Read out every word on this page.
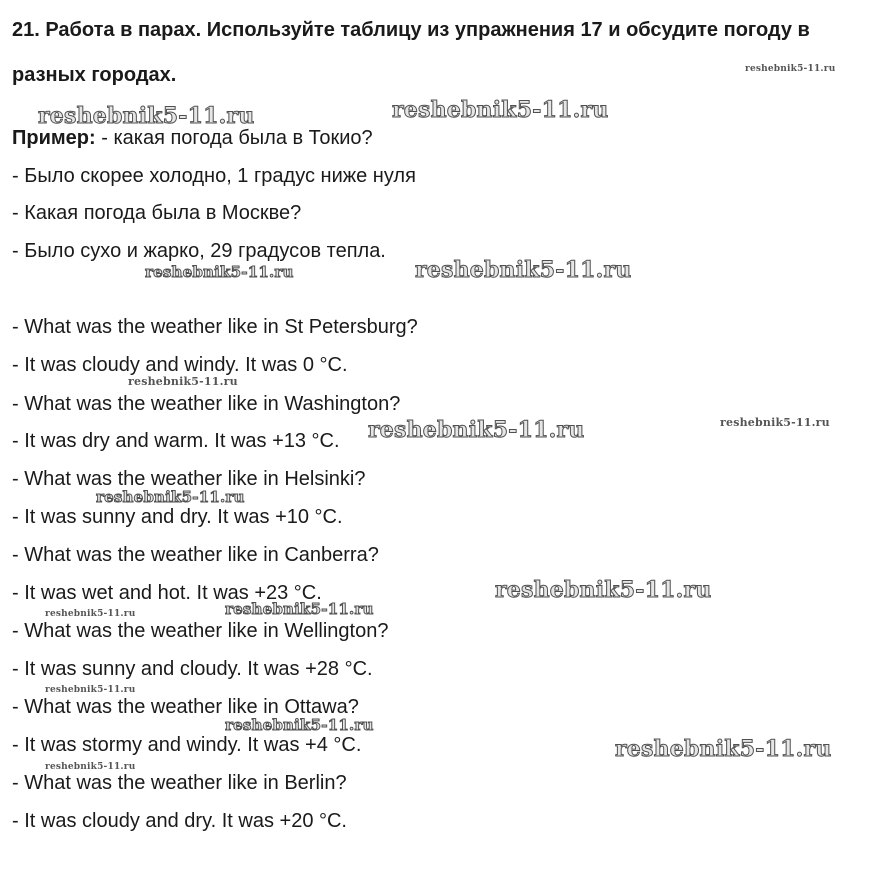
21. Работа в парах. Используйте таблицу из упражнения 17 и обсудите погоду в разных городах.
Пример: - какая погода была в Токио?
- Было скорее холодно, 1 градус ниже нуля
- Какая погода была в Москве?
- Было сухо и жарко, 29 градусов тепла.
- What was the weather like in St Petersburg?
- It was cloudy and windy. It was 0 °C.
- What was the weather like in Washington?
- It was dry and warm. It was +13 °C.
- What was the weather like in Helsinki?
- It was sunny and dry. It was +10 °C.
- What was the weather like in Canberra?
- It was wet and hot. It was +23 °C.
- What was the weather like in Wellington?
- It was sunny and cloudy. It was +28 °C.
- What was the weather like in Ottawa?
- It was stormy and windy. It was +4 °C.
- What was the weather like in Berlin?
- It was cloudy and dry. It was +20 °C.
reshebnik5-11.ru
reshebnik5-11.ru	reshebnik5-11.ru
reshebnik5-11.ru	reshebnik5-11.ru
reshebnik5-11.ru
reshebnik5-11.ru	reshebnik5-11.ru
reshebnik5-11.ru
reshebnik5-11.ru
reshebnik5-11.ru
reshebnik5-11.ru
reshebnik5-11.ru
reshebnik5-11.ru
reshebnik5-11.ru
reshebnik5-11.ru
